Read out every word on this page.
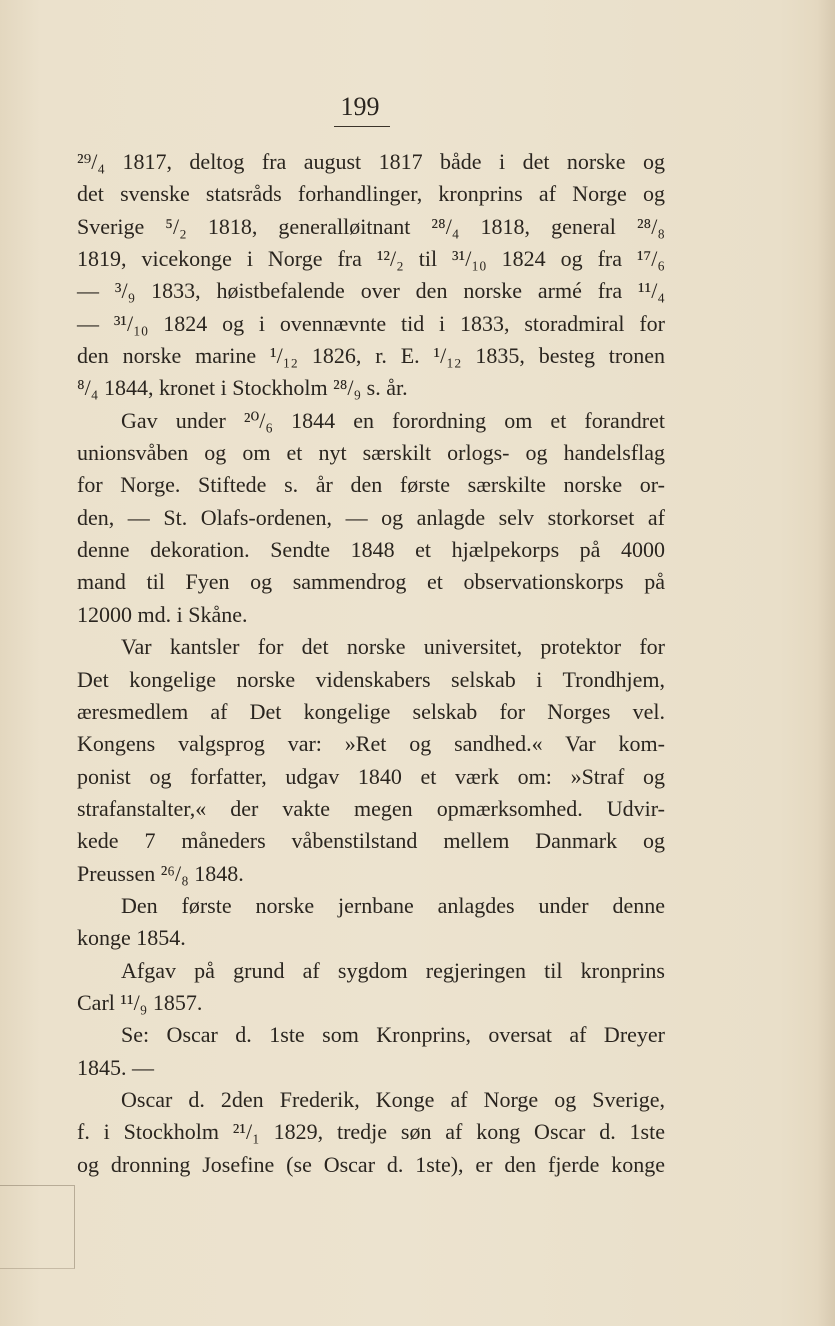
199
²⁹/₄ 1817, deltog fra august 1817 både i det norske og
det svenske statsråds forhandlinger, kronprins af Norge og
Sverige ⁵/₂ 1818, generalløitnant ²⁸/₄ 1818, general ²⁸/₈
1819, vicekonge i Norge fra ¹²/₂ til ³¹/₁₀ 1824 og fra ¹⁷/₆
— ³/₉ 1833, høistbefalende over den norske armé fra ¹¹/₄
— ³¹/₁₀ 1824 og i ovennævnte tid i 1833, storadmiral for
den norske marine ¹/₁₂ 1826, r. E. ¹/₁₂ 1835, besteg tronen
⁸/₄ 1844, kronet i Stockholm ²⁸/₉ s. år.
Gav under ²⁰/₆ 1844 en forordning om et forandret
unionsvåben og om et nyt særskilt orlogs- og handelsflag
for Norge. Stiftede s. år den første særskilte norske or-
den, — St. Olafs-ordenen, — og anlagde selv storkorset af
denne dekoration. Sendte 1848 et hjælpekorps på 4000
mand til Fyen og sammendrog et observationskorps på
12000 md. i Skåne.
Var kantsler for det norske universitet, protektor for
Det kongelige norske videnskabers selskab i Trondhjem,
æresmedlem af Det kongelige selskab for Norges vel.
Kongens valgsprog var: »Ret og sandhed.« Var kom-
ponist og forfatter, udgav 1840 et værk om: »Straf og
strafanstalter,« der vakte megen opmærksomhed. Udvir-
kede 7 måneders våbenstilstand mellem Danmark og
Preussen ²⁶/₈ 1848.
Den første norske jernbane anlagdes under denne
konge 1854.
Afgav på grund af sygdom regjeringen til kronprins
Carl ¹¹/₉ 1857.
Se: Oscar d. 1ste som Kronprins, oversat af Dreyer
1845. —
Oscar d. 2den Frederik, Konge af Norge og Sverige,
f. i Stockholm ²¹/₁ 1829, tredje søn af kong Oscar d. 1ste
og dronning Josefine (se Oscar d. 1ste), er den fjerde konge
